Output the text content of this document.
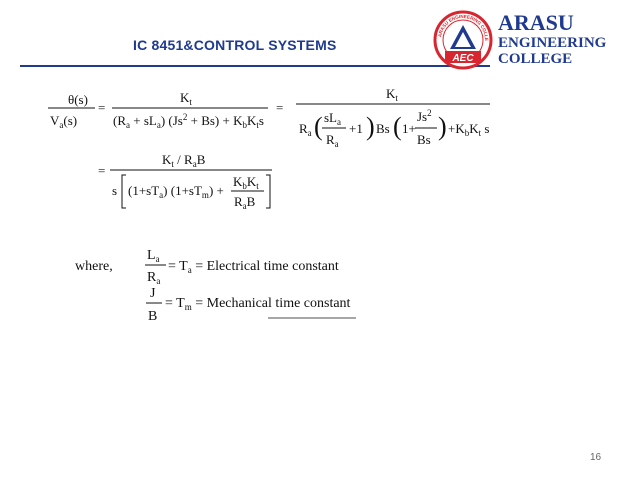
IC 8451&CONTROL SYSTEMS
ARASU ENGINEERING COLLE
AEC
ARASU
ENGINEERING
COLLEGE
θ(s)
$V_a(s)$
=
$K_t$
$(R_a + sL_a) (Js^2 + Bs) + K_bK_ts$
=
$K_t$
$R_a$ ( $sL_a$
$R_a$
+1 ) Bs ( 1+
$Js^2$
Bs ) $+K_bK_t$ s
=
$K_t / R_aB$
s $(1+sT_a) (1+sT_m)$ +
$K_bK_t$
$R_aB$
where,
$L_a$
$R_a$
= $T_a$ = Electrical time constant
J
B
= $T_m$ = Mechanical time constant
16
